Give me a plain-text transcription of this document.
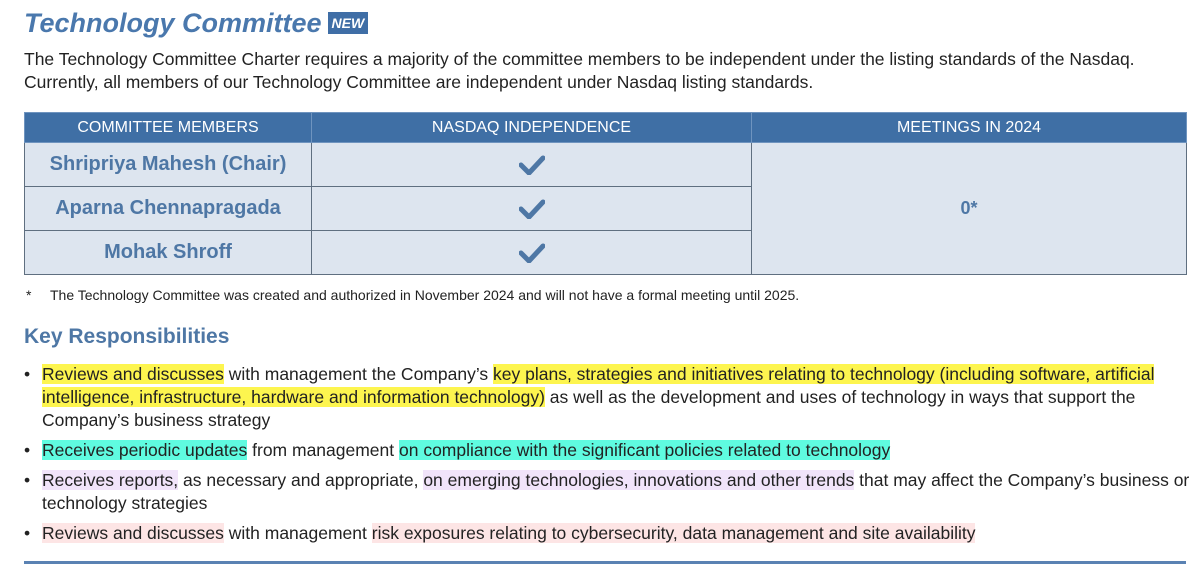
Technology Committee NEW

The Technology Committee Charter requires a majority of the committee members to be independent under the listing standards of the Nasdaq. Currently, all members of our Technology Committee are independent under Nasdaq listing standards.

COMMITTEE MEMBERS	NASDAQ INDEPENDENCE	MEETINGS IN 2024
Shripriya Mahesh (Chair)		0*
Aparna Chennapragada	

Mohak Shroff	

* The Technology Committee was created and authorized in November 2024 and will not have a formal meeting until 2025.

Key Responsibilities
• Reviews and discusses with management the Company’s key plans, strategies and initiatives relating to technology (including software, artificial intelligence, infrastructure, hardware and information technology) as well as the development and uses of technology in ways that support the Company’s business strategy
• Receives periodic updates from management on compliance with the significant policies related to technology
• Receives reports, as necessary and appropriate, on emerging technologies, innovations and other trends that may affect the Company’s business or technology strategies
• Reviews and discusses with management risk exposures relating to cybersecurity, data management and site availability
